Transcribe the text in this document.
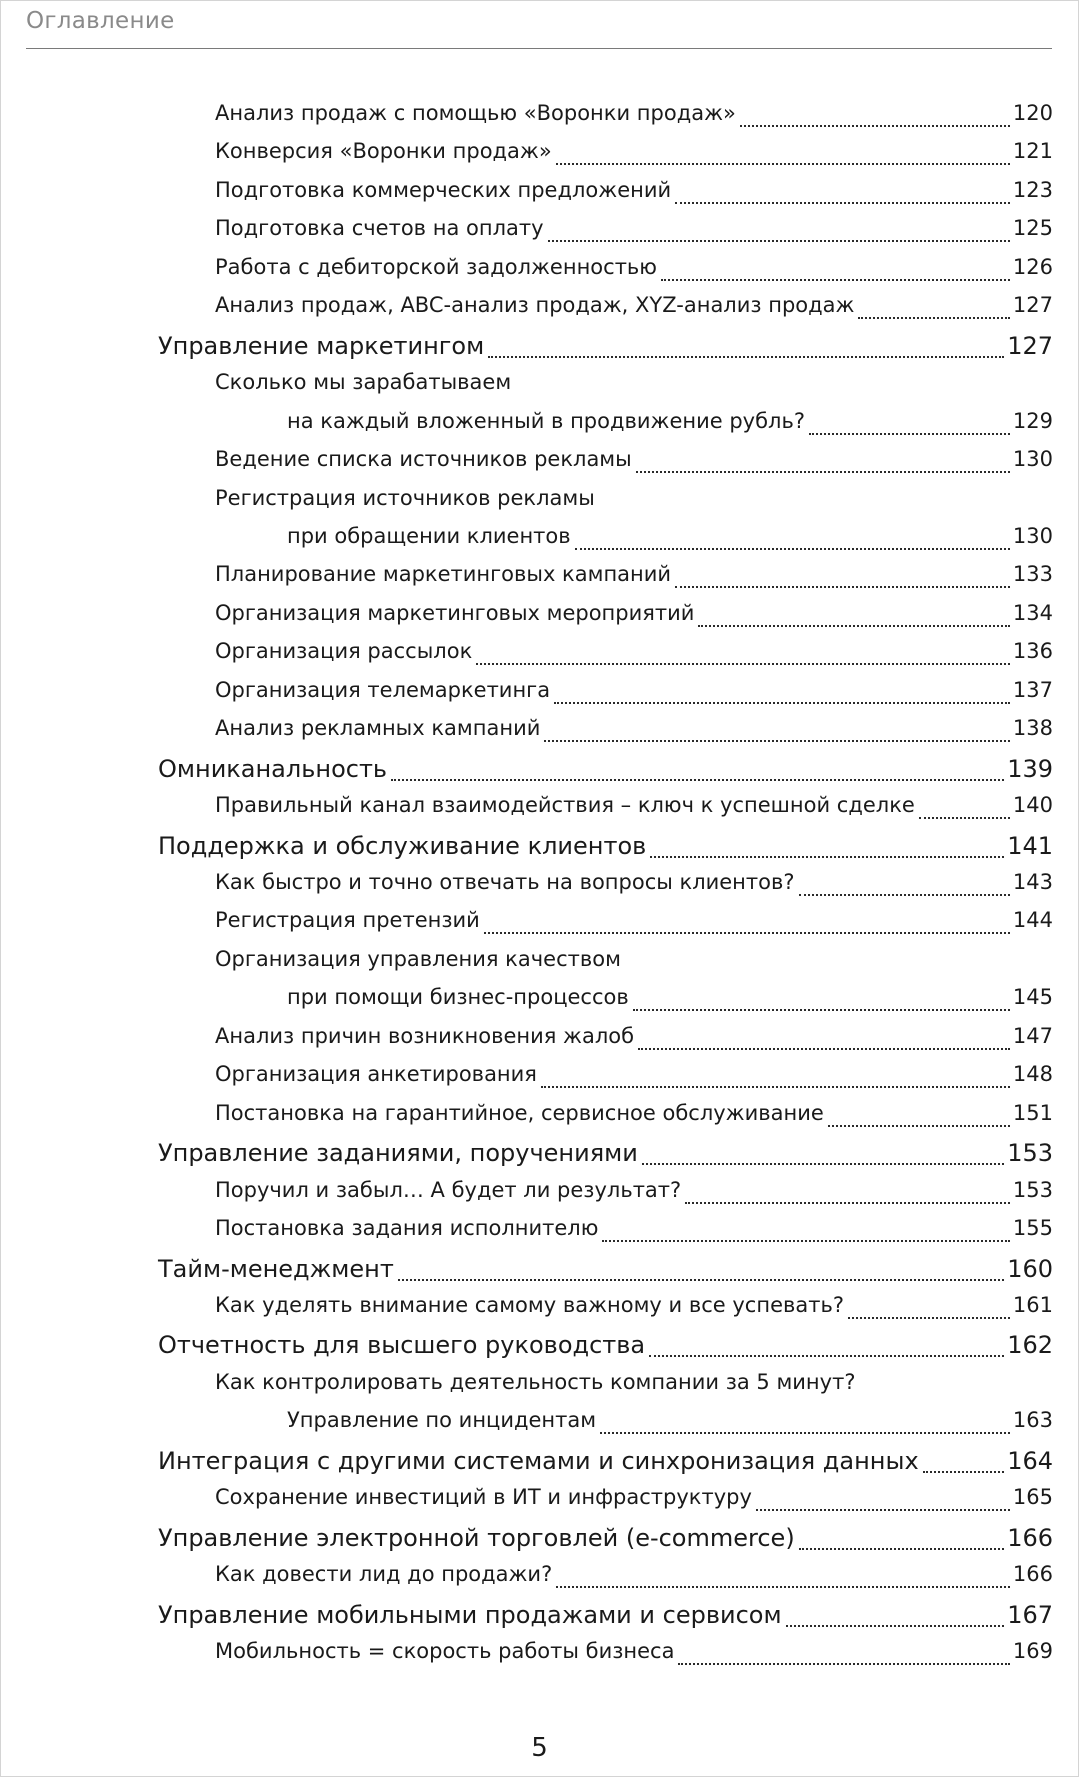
Оглавление
Анализ продаж с помощью «Воронки продаж»	120
Конверсия «Воронки продаж»	121
Подготовка коммерческих предложений	123
Подготовка счетов на оплату	125
Работа с дебиторской задолженностью	126
Анализ продаж, ABC-анализ продаж, XYZ-анализ продаж	127
Управление маркетингом	127
Сколько мы зарабатываем
на каждый вложенный в продвижение рубль?	129
Ведение списка источников рекламы	130
Регистрация источников рекламы
при обращении клиентов	130
Планирование маркетинговых кампаний	133
Организация маркетинговых мероприятий	134
Организация рассылок	136
Организация телемаркетинга	137
Анализ рекламных кампаний	138
Омниканальность	139
Правильный канал взаимодействия – ключ к успешной сделке	140
Поддержка и обслуживание клиентов	141
Как быстро и точно отвечать на вопросы клиентов?	143
Регистрация претензий	144
Организация управления качеством
при помощи бизнес-процессов	145
Анализ причин возникновения жалоб	147
Организация анкетирования	148
Постановка на гарантийное, сервисное обслуживание	151
Управление заданиями, поручениями	153
Поручил и забыл… А будет ли результат?	153
Постановка задания исполнителю	155
Тайм-менеджмент	160
Как уделять внимание самому важному и все успевать?	161
Отчетность для высшего руководства	162
Как контролировать деятельность компании за 5 минут?
Управление по инцидентам	163
Интеграция с другими системами и синхронизация данных	164
Сохранение инвестиций в ИТ и инфраструктуру	165
Управление электронной торговлей (e-commerce)	166
Как довести лид до продажи?	166
Управление мобильными продажами и сервисом	167
Мобильность = скорость работы бизнеса	169
5
